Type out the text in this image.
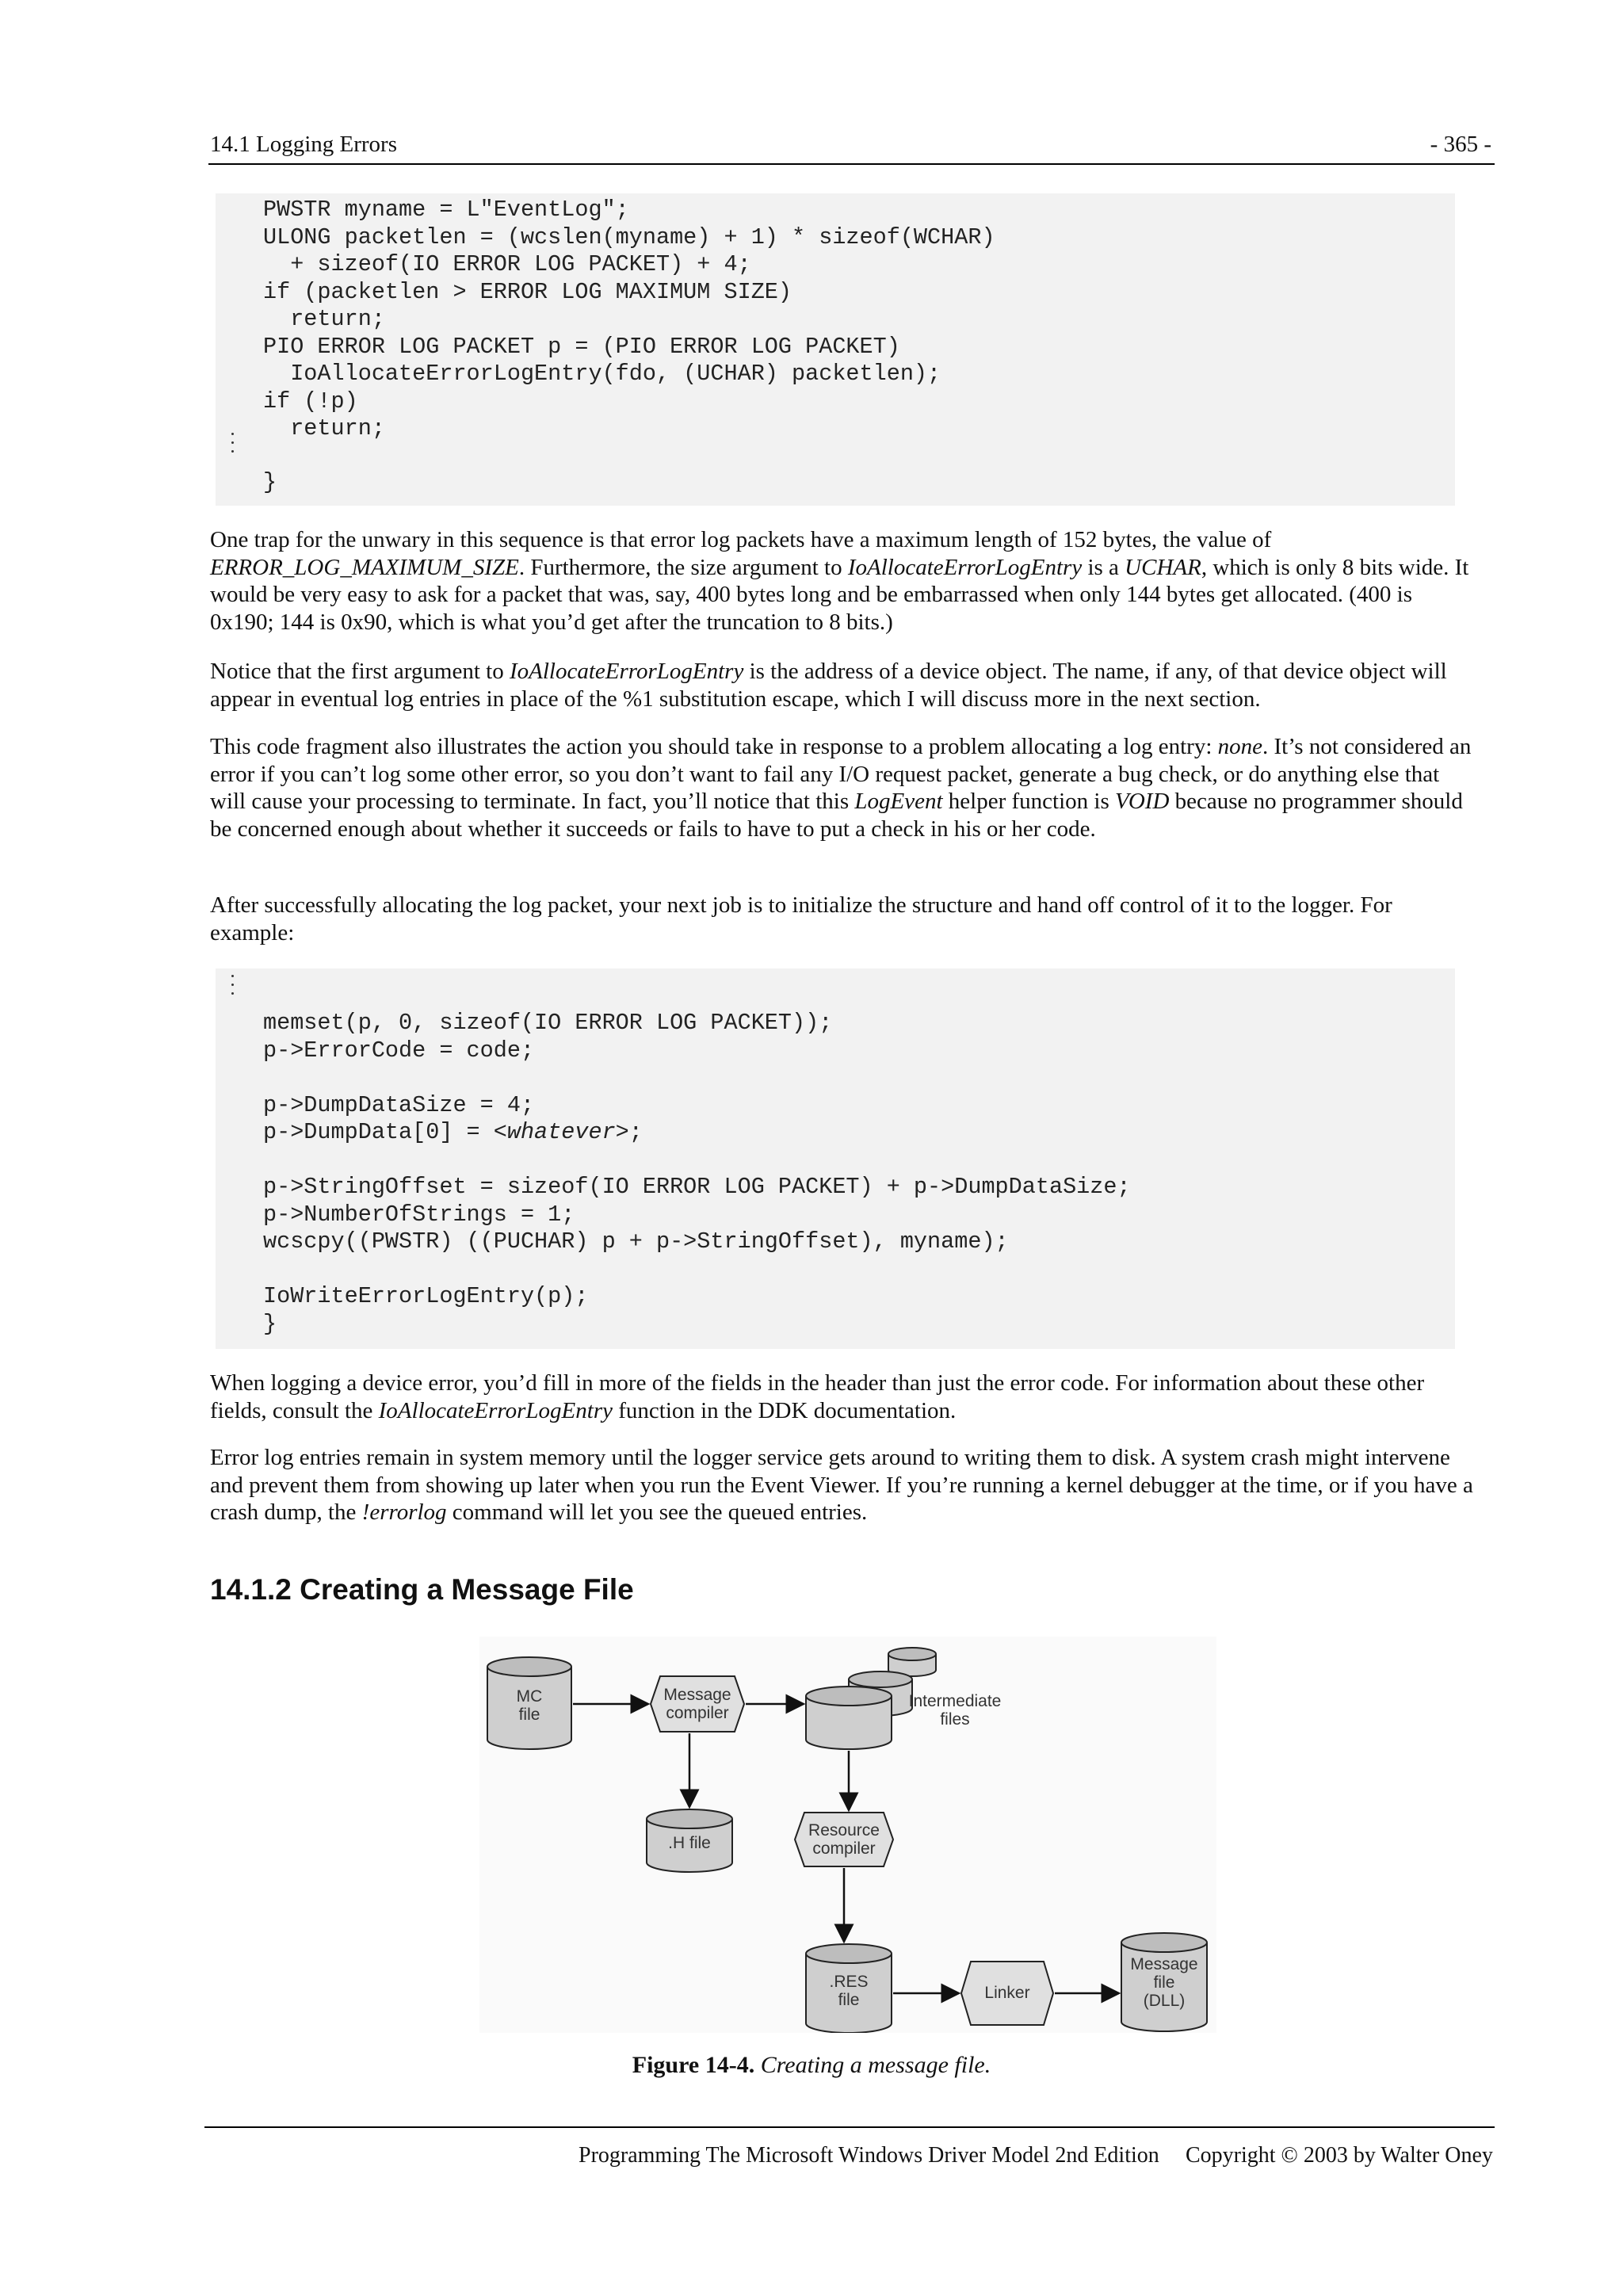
14.1 Logging Errors	- 365 -
PWSTR myname = L"EventLog";
ULONG packetlen = (wcslen(myname) + 1) * sizeof(WCHAR)
+ sizeof(IO ERROR LOG PACKET) + 4;
if (packetlen > ERROR LOG MAXIMUM SIZE)
return;
PIO ERROR LOG PACKET p = (PIO ERROR LOG PACKET)
IoAllocateErrorLogEntry(fdo, (UCHAR) packetlen);
if (!p)
return;
}

One trap for the unwary in this sequence is that error log packets have a maximum length of 152 bytes, the value of ERROR_LOG_MAXIMUM_SIZE. Furthermore, the size argument to IoAllocateErrorLogEntry is a UCHAR, which is only 8 bits wide. It would be very easy to ask for a packet that was, say, 400 bytes long and be embarrassed when only 144 bytes get allocated. (400 is 0x190; 144 is 0x90, which is what you’d get after the truncation to 8 bits.)

Notice that the first argument to IoAllocateErrorLogEntry is the address of a device object. The name, if any, of that device object will appear in eventual log entries in place of the %1 substitution escape, which I will discuss more in the next section.

This code fragment also illustrates the action you should take in response to a problem allocating a log entry: none. It’s not considered an error if you can’t log some other error, so you don’t want to fail any I/O request packet, generate a bug check, or do anything else that will cause your processing to terminate. In fact, you’ll notice that this LogEvent helper function is VOID because no programmer should be concerned enough about whether it succeeds or fails to have to put a check in his or her code.

After successfully allocating the log packet, your next job is to initialize the structure and hand off control of it to the logger. For example:

memset(p, 0, sizeof(IO ERROR LOG PACKET));
p->ErrorCode = code;
p->DumpDataSize = 4;
p->DumpData[0] = <whatever>;
p->StringOffset = sizeof(IO ERROR LOG PACKET) + p->DumpDataSize;
p->NumberOfStrings = 1;
wcscpy((PWSTR) ((PUCHAR) p + p->StringOffset), myname);
IoWriteErrorLogEntry(p);
}

When logging a device error, you’d fill in more of the fields in the header than just the error code. For information about these other fields, consult the IoAllocateErrorLogEntry function in the DDK documentation.

Error log entries remain in system memory until the logger service gets around to writing them to disk. A system crash might intervene and prevent them from showing up later when you run the Event Viewer. If you’re running a kernel debugger at the time, or if you have a crash dump, the !errorlog command will let you see the queued entries.

14.1.2 Creating a Message File
MC
file
Message
compiler
Intermediate
files
.H file
Resource
compiler
.RES
file	Linker
Message
file
(DLL)
Figure 14-4. Creating a message file.
Programming The Microsoft Windows Driver Model 2nd Edition Copyright © 2003 by Walter Oney
